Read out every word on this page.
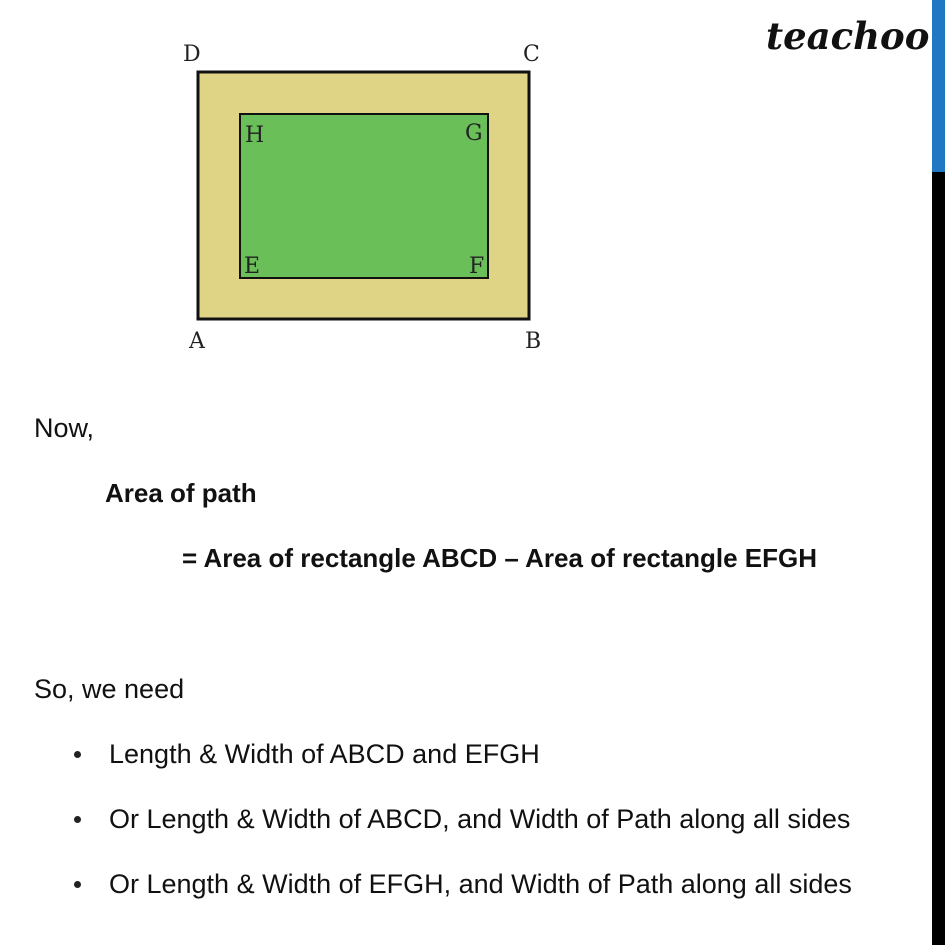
teachoo
D	C
A	B
H	G
E	F
Now,
Area of path
= Area of rectangle ABCD – Area of rectangle EFGH
So, we need
Length & Width of ABCD and EFGH
Or Length & Width of ABCD, and Width of Path along all sides
Or Length & Width of EFGH, and Width of Path along all sides
